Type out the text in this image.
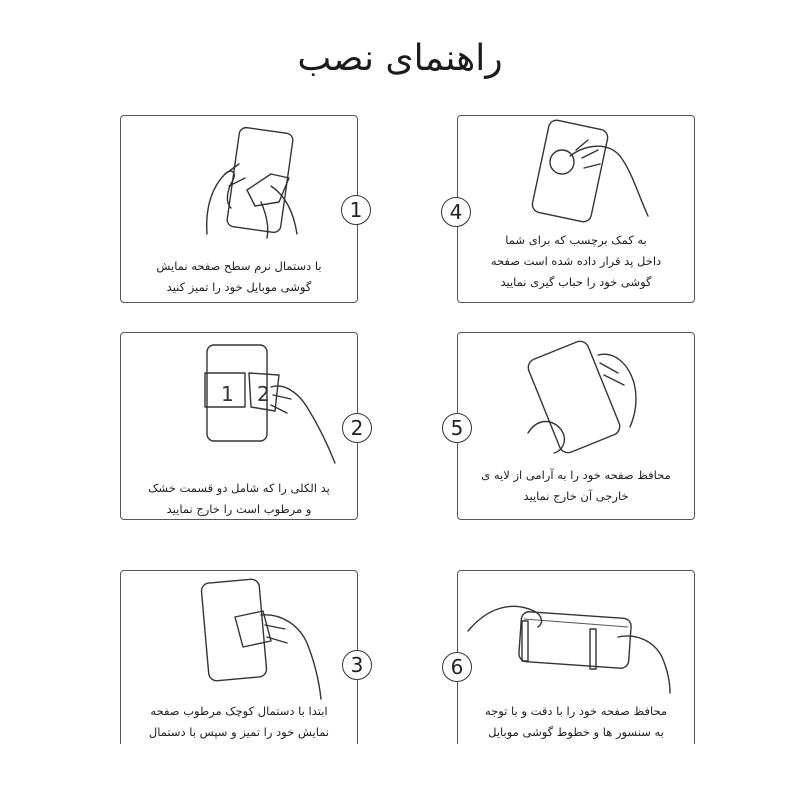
راهنمای نصب
با دستمال نرم سطح صفحه نمایش
گوشی موبایل خود را تمیز کنید
1
به کمک برچسب که برای شما
داخل پد قرار داده شده است صفحه
گوشی خود را حباب گیری نمایید
4
1 2
پد الکلی را که شامل دو قسمت خشک
و مرطوب است را خارج نمایید
2
محافظ صفحه خود را به آرامی از لایه ی
خارجی آن خارج نمایید
5
ابتدا با دستمال کوچک مرطوب صفحه
نمایش خود را تمیز و سپس با دستمال

3
محافظ صفحه خود را با دقت و با توجه
به سنسور ها و خطوط گوشی موبایل

6
